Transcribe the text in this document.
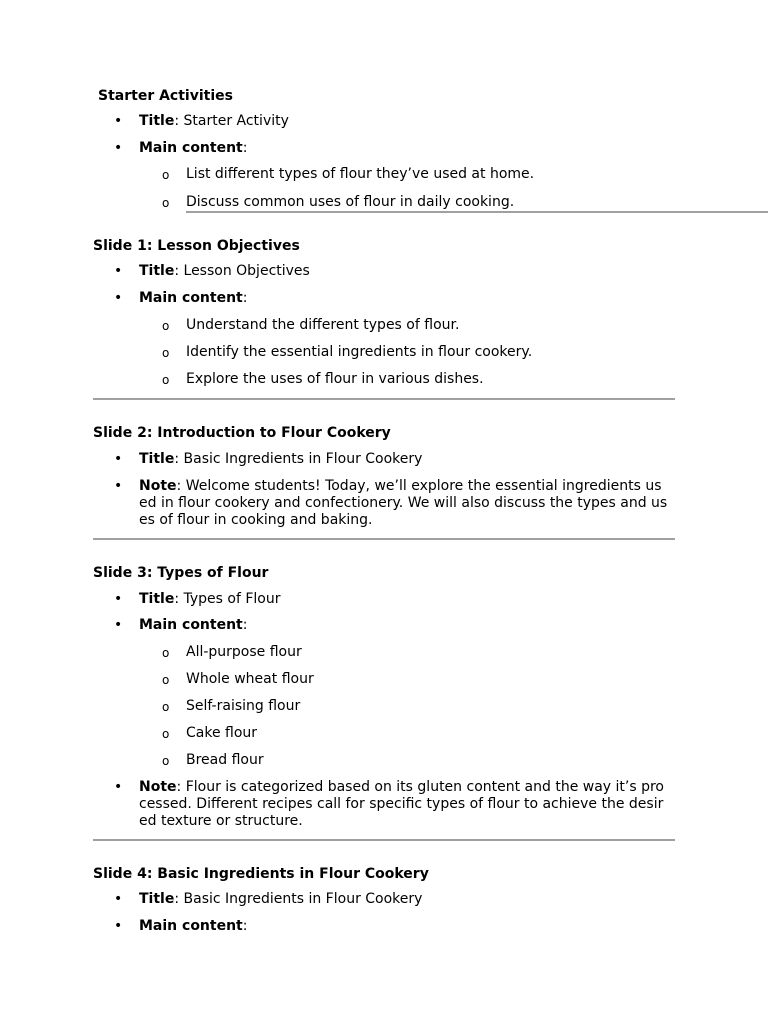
Starter Activities
• Title: Starter Activity
• Main content:
o List different types of flour they’ve used at home.
o Discuss common uses of flour in daily cooking.
Slide 1: Lesson Objectives
• Title: Lesson Objectives
• Main content:
o Understand the different types of flour.
o Identify the essential ingredients in flour cookery.
o Explore the uses of flour in various dishes.
Slide 2: Introduction to Flour Cookery
• Title: Basic Ingredients in Flour Cookery
• Note: Welcome students! Today, we’ll explore the essential ingredients us
ed in flour cookery and confectionery. We will also discuss the types and us
es of flour in cooking and baking.
Slide 3: Types of Flour
• Title: Types of Flour
• Main content:
o All-purpose flour
o Whole wheat flour
o Self-raising flour
o Cake flour
o Bread flour
• Note: Flour is categorized based on its gluten content and the way it’s pro
cessed. Different recipes call for specific types of flour to achieve the desir
ed texture or structure.
Slide 4: Basic Ingredients in Flour Cookery
• Title: Basic Ingredients in Flour Cookery
• Main content:
